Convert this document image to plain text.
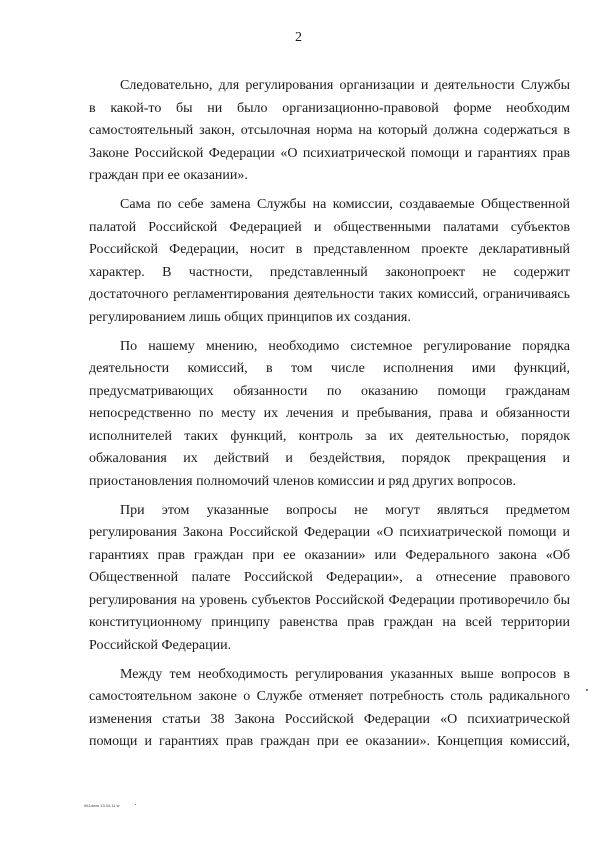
2
Следовательно, для регулирования организации и деятельности Службы
в какой-то бы ни было организационно-правовой форме необходим
самостоятельный закон, отсылочная норма на который должна содержаться в
Законе Российской Федерации «О психиатрической помощи и гарантиях прав
граждан при ее оказании».
Сама по себе замена Службы на комиссии, создаваемые Общественной
палатой Российской Федерацией и общественными палатами субъектов
Российской Федерации, носит в представленном проекте декларативный
характер. В частности, представленный законопроект не содержит
достаточного регламентирования деятельности таких комиссий, ограничиваясь
регулированием лишь общих принципов их создания.
По нашему мнению, необходимо системное регулирование порядка
деятельности комиссий, в том числе исполнения ими функций,
предусматривающих обязанности по оказанию помощи гражданам
непосредственно по месту их лечения и пребывания, права и обязанности
исполнителей таких функций, контроль за их деятельностью, порядок
обжалования их действий и бездействия, порядок прекращения и
приостановления полномочий членов комиссии и ряд других вопросов.
При этом указанные вопросы не могут являться предметом
регулирования Закона Российской Федерации «О психиатрической помощи и
гарантиях прав граждан при ее оказании» или Федерального закона «Об
Общественной палате Российской Федерации», а отнесение правового
регулирования на уровень субъектов Российской Федерации противоречило бы
конституционному принципу равенства прав граждан на всей территории
Российской Федерации.
Между тем необходимость регулирования указанных выше вопросов в
самостоятельном законе о Службе отменяет потребность столь радикального
изменения статьи 38 Закона Российской Федерации «О психиатрической
помощи и гарантиях прав граждан при ее оказании». Концепция комиссий,
061dwm 13.04.11 w
